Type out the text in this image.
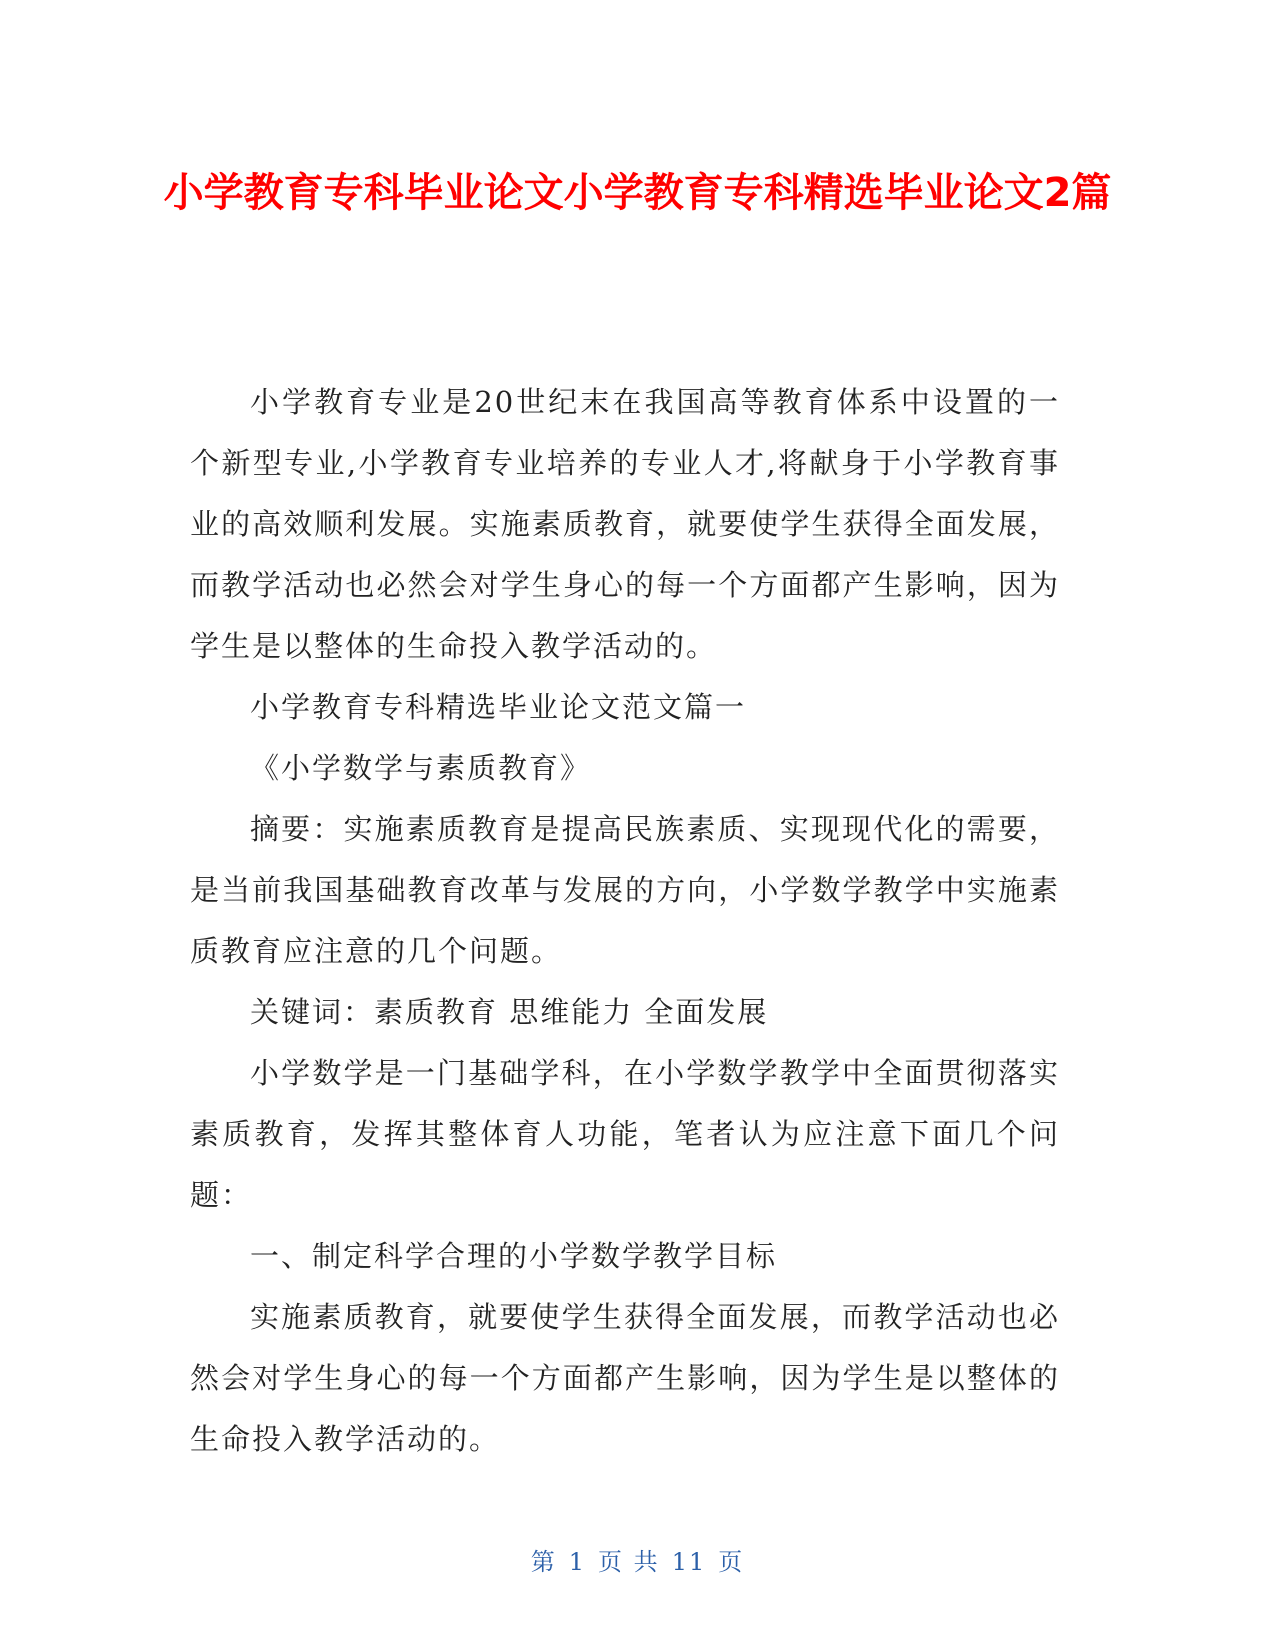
小学教育专科毕业论文小学教育专科精选毕业论文2篇

小学教育专业是20世纪末在我国高等教育体系中设置的一个新型专业,小学教育专业培养的专业人才,将献身于小学教育事业的高效顺利发展。实施素质教育，就要使学生获得全面发展，而教学活动也必然会对学生身心的每一个方面都产生影响，因为学生是以整体的生命投入教学活动的。

小学教育专科精选毕业论文范文篇一

《小学数学与素质教育》

摘要：实施素质教育是提高民族素质、实现现代化的需要，是当前我国基础教育改革与发展的方向，小学数学教学中实施素质教育应注意的几个问题。

关键词：素质教育 思维能力 全面发展

小学数学是一门基础学科，在小学数学教学中全面贯彻落实素质教育，发挥其整体育人功能，笔者认为应注意下面几个问题：

一、制定科学合理的小学数学教学目标

实施素质教育，就要使学生获得全面发展，而教学活动也必然会对学生身心的每一个方面都产生影响，因为学生是以整体的生命投入教学活动的。

第 1 页 共 11 页
